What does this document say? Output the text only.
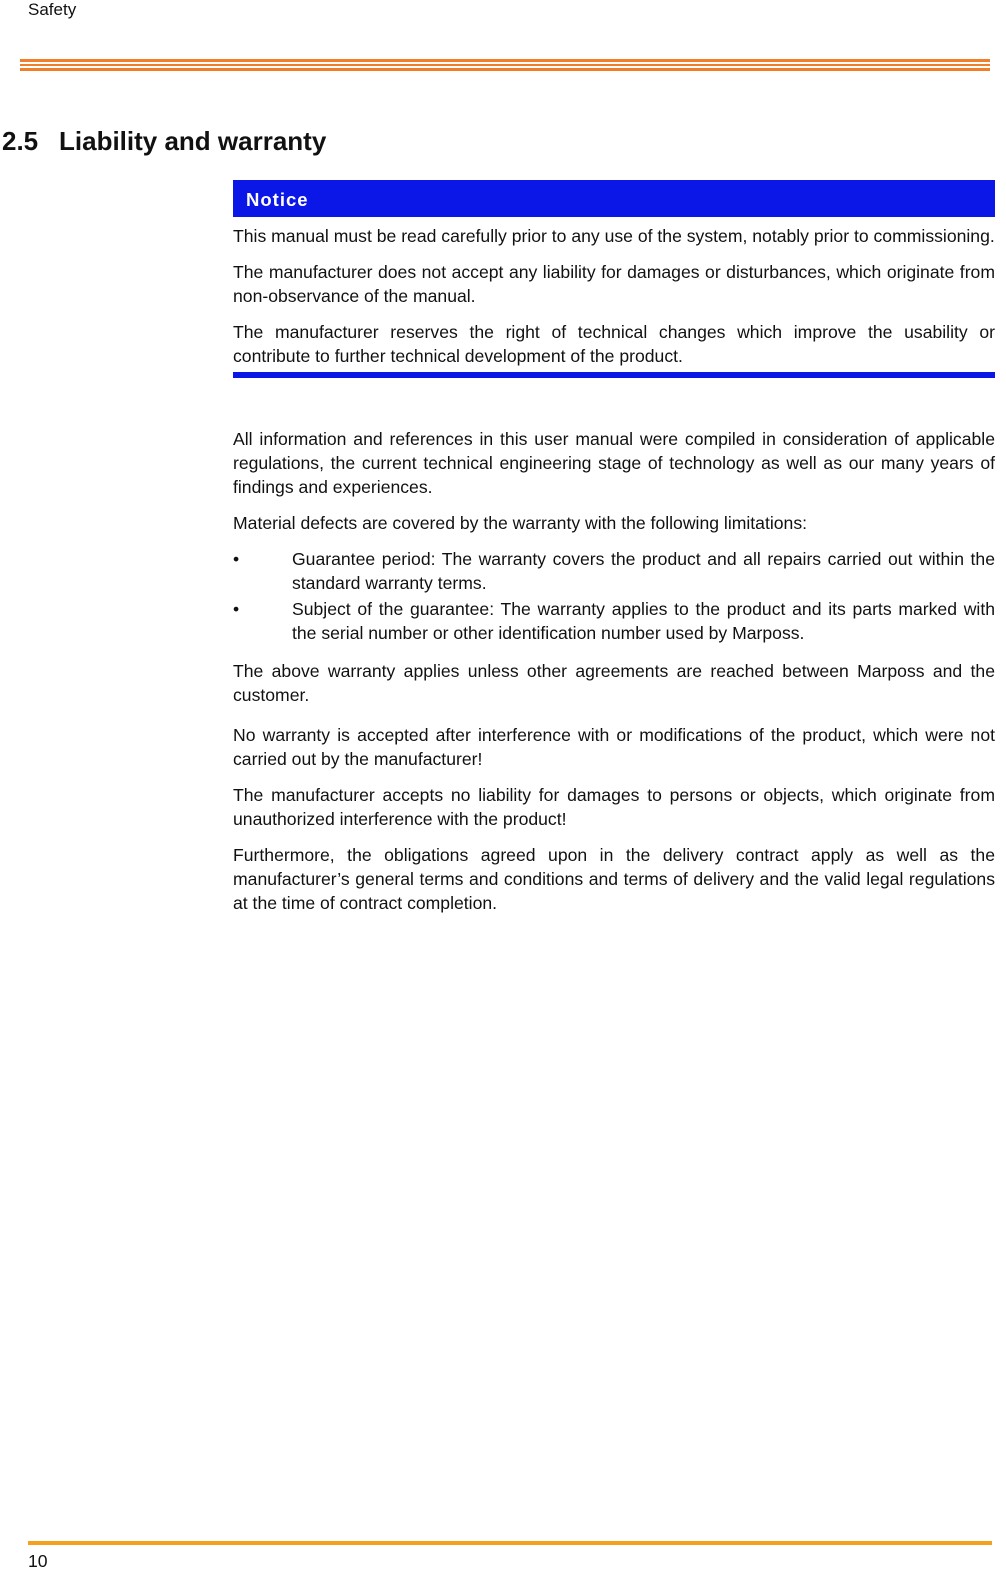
Safety
2.5 Liability and warranty
Notice

This manual must be read carefully prior to any use of the system, notably prior to commissioning.

The manufacturer does not accept any liability for damages or disturbances, which originate from non-observance of the manual.

The manufacturer reserves the right of technical changes which improve the usability or contribute to further technical development of the product.

All information and references in this user manual were compiled in consideration of applicable regulations, the current technical engineering stage of technology as well as our many years of findings and experiences.

Material defects are covered by the warranty with the following limitations:

•	Guarantee period: The warranty covers the product and all repairs carried out within the standard warranty terms.
•	Subject of the guarantee: The warranty applies to the product and its parts marked with the serial number or other identification number used by Marposs.

The above warranty applies unless other agreements are reached between Marposs and the customer.

No warranty is accepted after interference with or modifications of the product, which were not carried out by the manufacturer!

The manufacturer accepts no liability for damages to persons or objects, which originate from unauthorized interference with the product!

Furthermore, the obligations agreed upon in the delivery contract apply as well as the manufacturer’s general terms and conditions and terms of delivery and the valid legal regulations at the time of contract completion.

10
